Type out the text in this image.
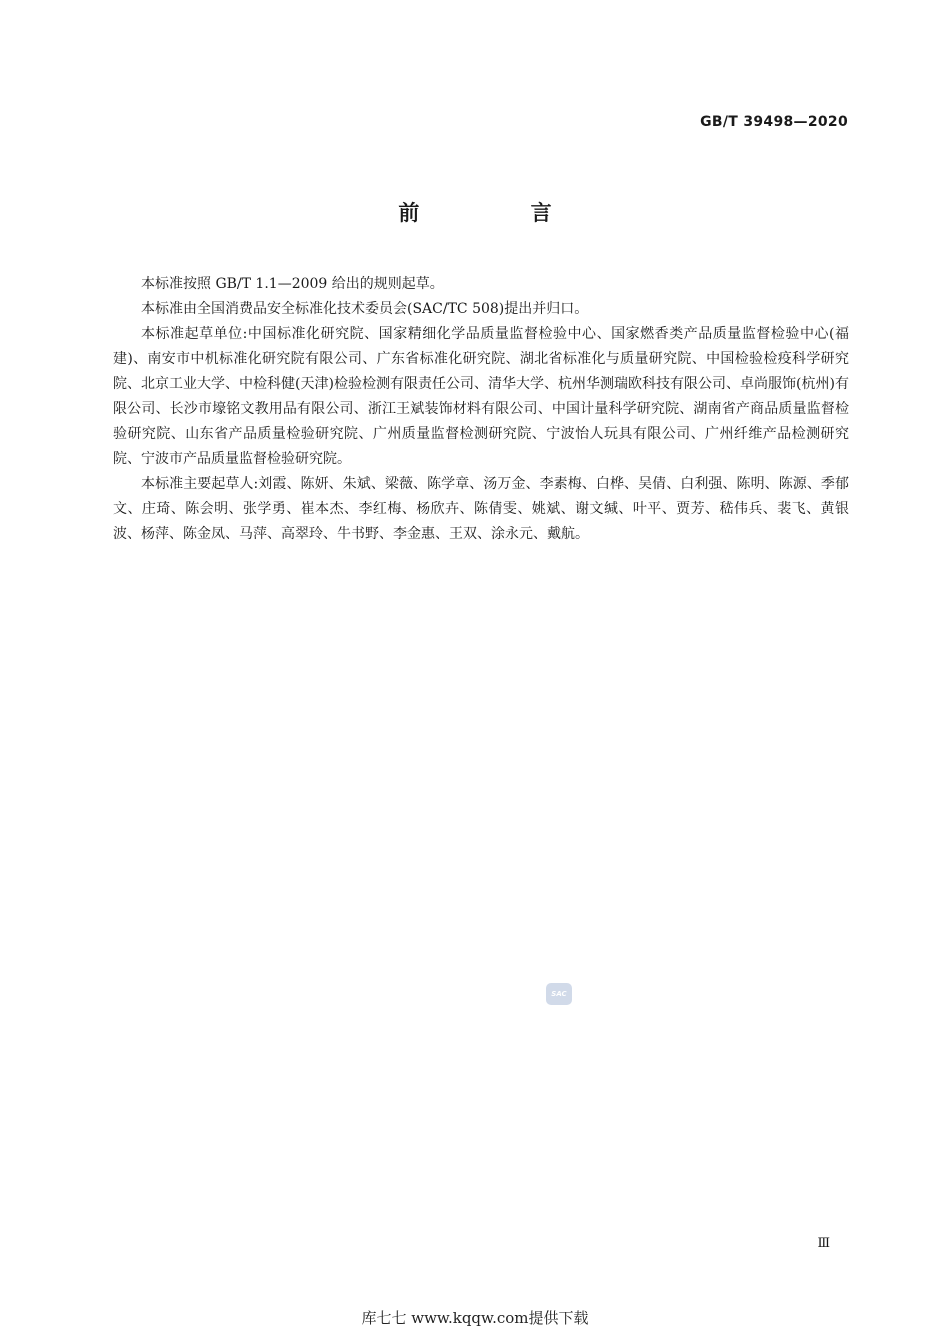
GB/T 39498—2020
前 言

本标准按照 GB/T 1.1—2009 给出的规则起草。

本标准由全国消费品安全标准化技术委员会(SAC/TC 508)提出并归口。

本标准起草单位:中国标准化研究院、国家精细化学品质量监督检验中心、国家燃香类产品质量监督检验中心(福建)、南安市中机标准化研究院有限公司、广东省标准化研究院、湖北省标准化与质量研究院、中国检验检疫科学研究院、北京工业大学、中检科健(天津)检验检测有限责任公司、清华大学、杭州华测瑞欧科技有限公司、卓尚服饰(杭州)有限公司、长沙市壕铭文教用品有限公司、浙江王斌装饰材料有限公司、中国计量科学研究院、湖南省产商品质量监督检验研究院、山东省产品质量检验研究院、广州质量监督检测研究院、宁波怡人玩具有限公司、广州纤维产品检测研究院、宁波市产品质量监督检验研究院。

本标准主要起草人:刘霞、陈妍、朱斌、梁薇、陈学章、汤万金、李素梅、白桦、吴倩、白利强、陈明、陈源、季郁文、庄琦、陈会明、张学勇、崔本杰、李红梅、杨欣卉、陈倩雯、姚斌、谢文缄、叶平、贾芳、嵇伟兵、裴飞、黄银波、杨萍、陈金凤、马萍、高翠玲、牛书野、李金惠、王双、涂永元、戴航。

SAC
Ⅲ
库七七 www.kqqw.com提供下载
